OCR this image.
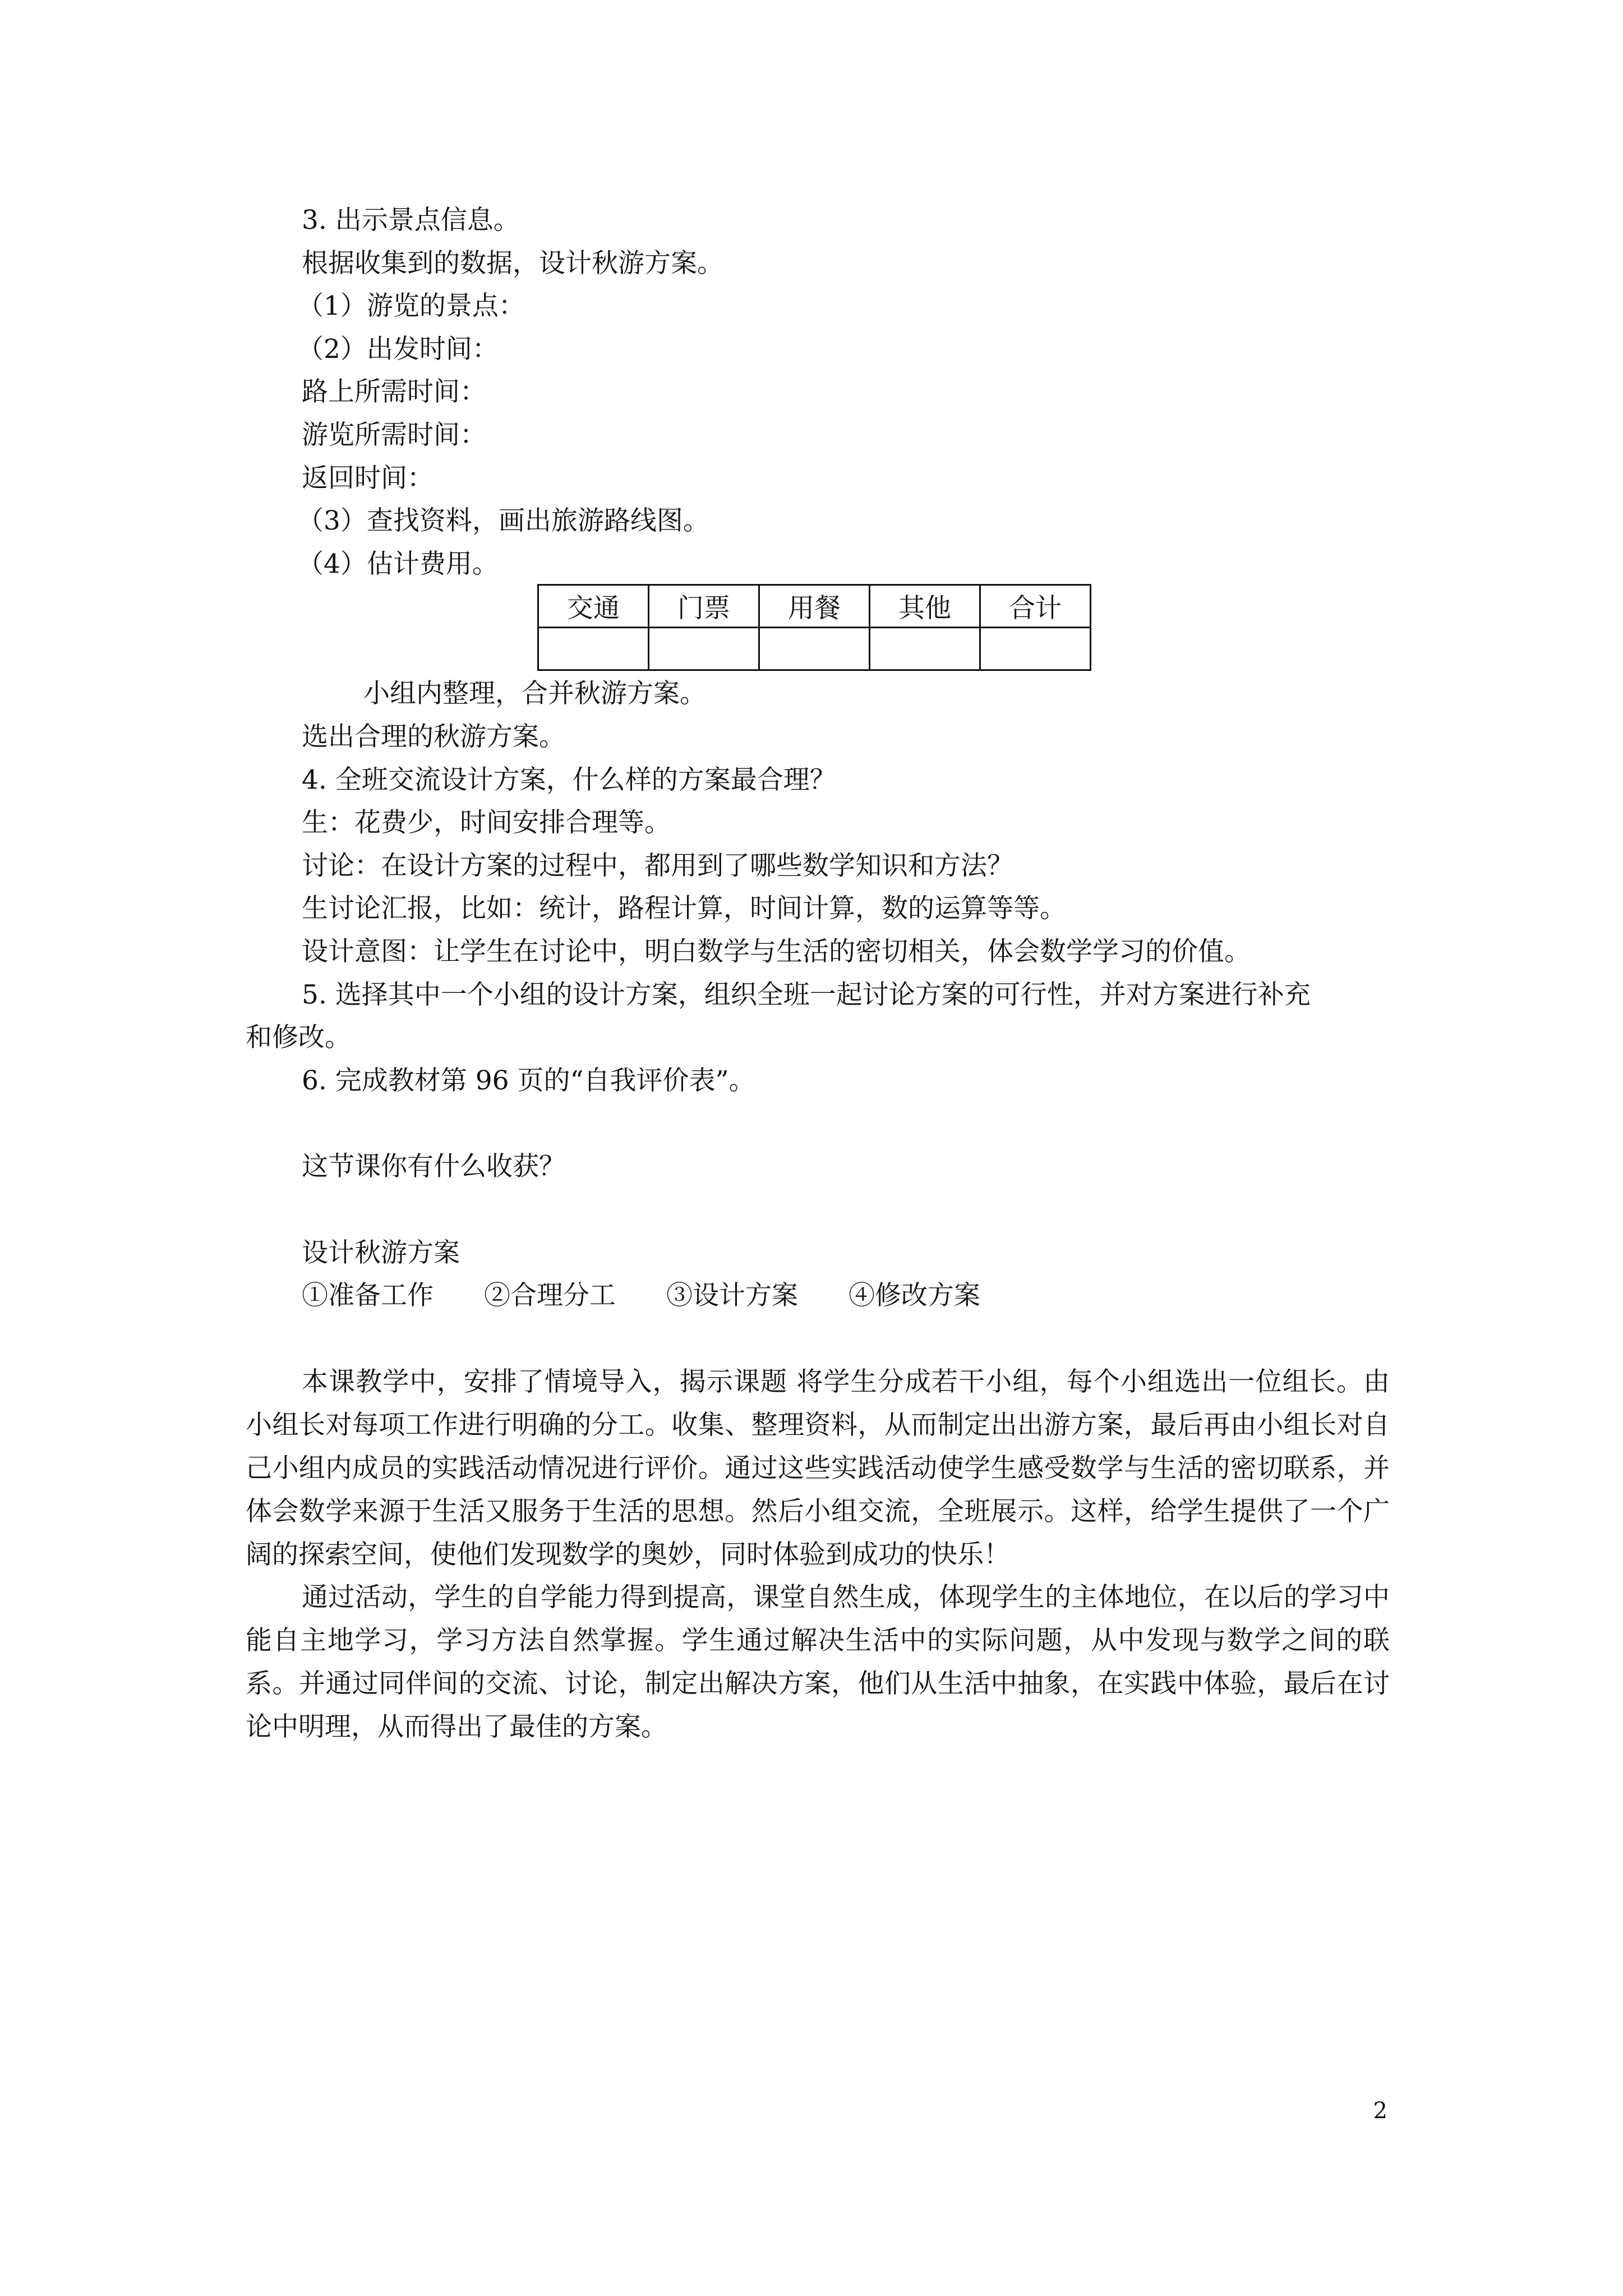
3. 出示景点信息。
根据收集到的数据，设计秋游方案。
（1）游览的景点：
（2）出发时间：
路上所需时间：
游览所需时间：
返回时间：
（3）查找资料，画出旅游路线图。
（4）估计费用。
交通	门票	用餐	其他	合计

小组内整理，合并秋游方案。
选出合理的秋游方案。
4. 全班交流设计方案，什么样的方案最合理？
生：花费少，时间安排合理等。
讨论：在设计方案的过程中，都用到了哪些数学知识和方法？
生讨论汇报，比如：统计，路程计算，时间计算，数的运算等等。
设计意图：让学生在讨论中，明白数学与生活的密切相关，体会数学学习的价值。
5. 选择其中一个小组的设计方案，组织全班一起讨论方案的可行性，并对方案进行补充
和修改。
6. 完成教材第 96 页的“自我评价表”。
这节课你有什么收获？
设计秋游方案
①准备工作 ②合理分工 ③设计方案 ④修改方案
本课教学中，安排了情境导入，揭示课题 将学生分成若干小组，每个小组选出一位组长。由小组长对每项工作进行明确的分工。收集、整理资料，从而制定出出游方案，最后再由小组长对自己小组内成员的实践活动情况进行评价。通过这些实践活动使学生感受数学与生活的密切联系，并体会数学来源于生活又服务于生活的思想。然后小组交流，全班展示。这样，给学生提供了一个广阔的探索空间，使他们发现数学的奥妙，同时体验到成功的快乐！
通过活动，学生的自学能力得到提高，课堂自然生成，体现学生的主体地位，在以后的学习中能自主地学习，学习方法自然掌握。学生通过解决生活中的实际问题，从中发现与数学之间的联系。并通过同伴间的交流、讨论，制定出解决方案，他们从生活中抽象，在实践中体验，最后在讨论中明理，从而得出了最佳的方案。
2
